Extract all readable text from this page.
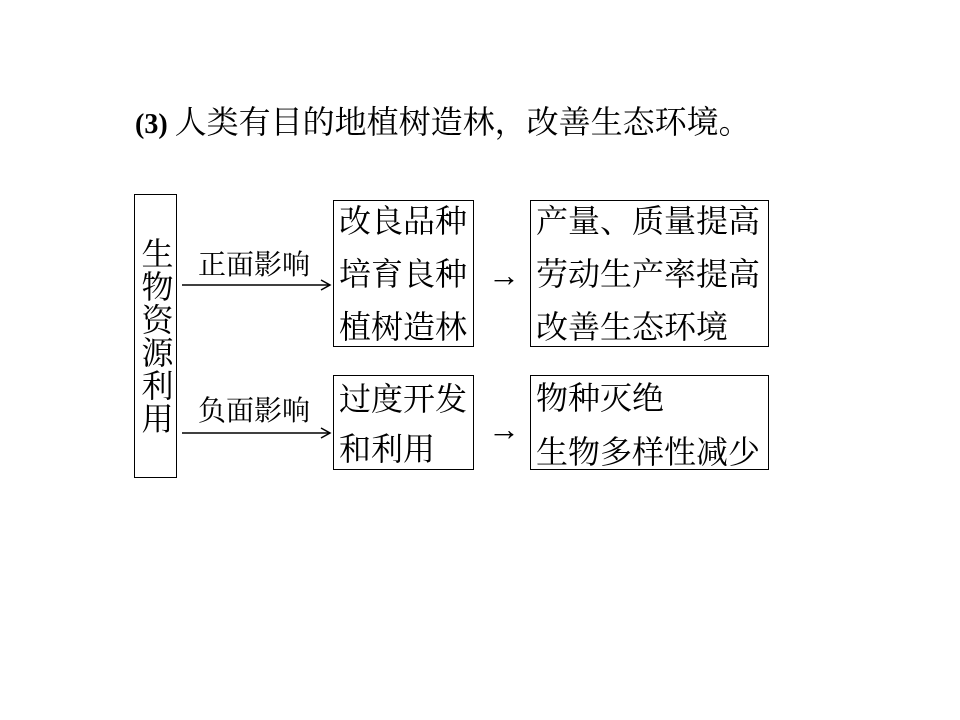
(3) 人类有目的地植树造林，改善生态环境。
生物资源利用 正面影响
改良品种
培育良种
植树造林
→
产量、质量提高
劳动生产率提高
改善生态环境
负面影响 过度开发
和利用
→
物种灭绝
生物多样性减少
